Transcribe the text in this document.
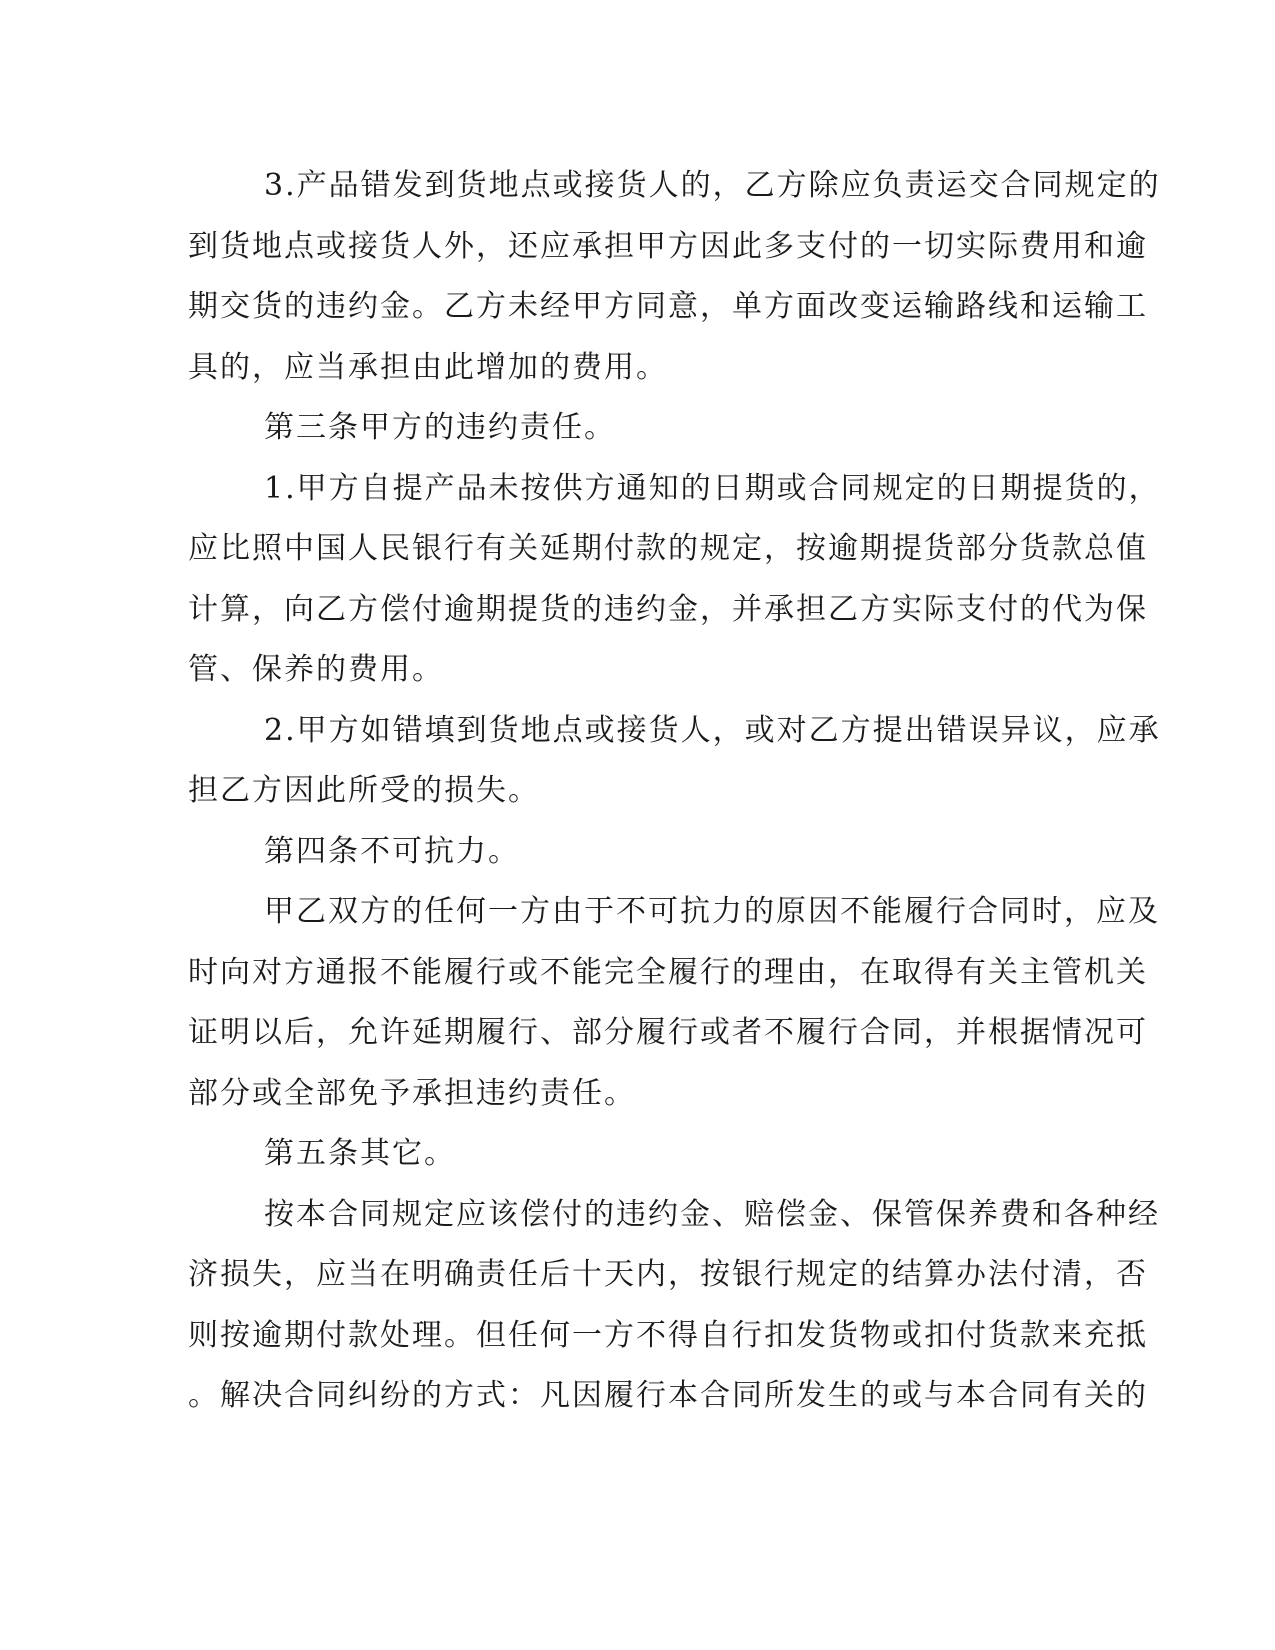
3.产品错发到货地点或接货人的，乙方除应负责运交合同规定的
到货地点或接货人外，还应承担甲方因此多支付的一切实际费用和逾
期交货的违约金。乙方未经甲方同意，单方面改变运输路线和运输工
具的，应当承担由此增加的费用。
第三条甲方的违约责任。
1.甲方自提产品未按供方通知的日期或合同规定的日期提货的，
应比照中国人民银行有关延期付款的规定，按逾期提货部分货款总值
计算，向乙方偿付逾期提货的违约金，并承担乙方实际支付的代为保
管、保养的费用。
2.甲方如错填到货地点或接货人，或对乙方提出错误异议，应承
担乙方因此所受的损失。
第四条不可抗力。
甲乙双方的任何一方由于不可抗力的原因不能履行合同时，应及
时向对方通报不能履行或不能完全履行的理由，在取得有关主管机关
证明以后，允许延期履行、部分履行或者不履行合同，并根据情况可
部分或全部免予承担违约责任。
第五条其它。
按本合同规定应该偿付的违约金、赔偿金、保管保养费和各种经
济损失，应当在明确责任后十天内，按银行规定的结算办法付清，否
则按逾期付款处理。但任何一方不得自行扣发货物或扣付货款来充抵
。解决合同纠纷的方式：凡因履行本合同所发生的或与本合同有关的
